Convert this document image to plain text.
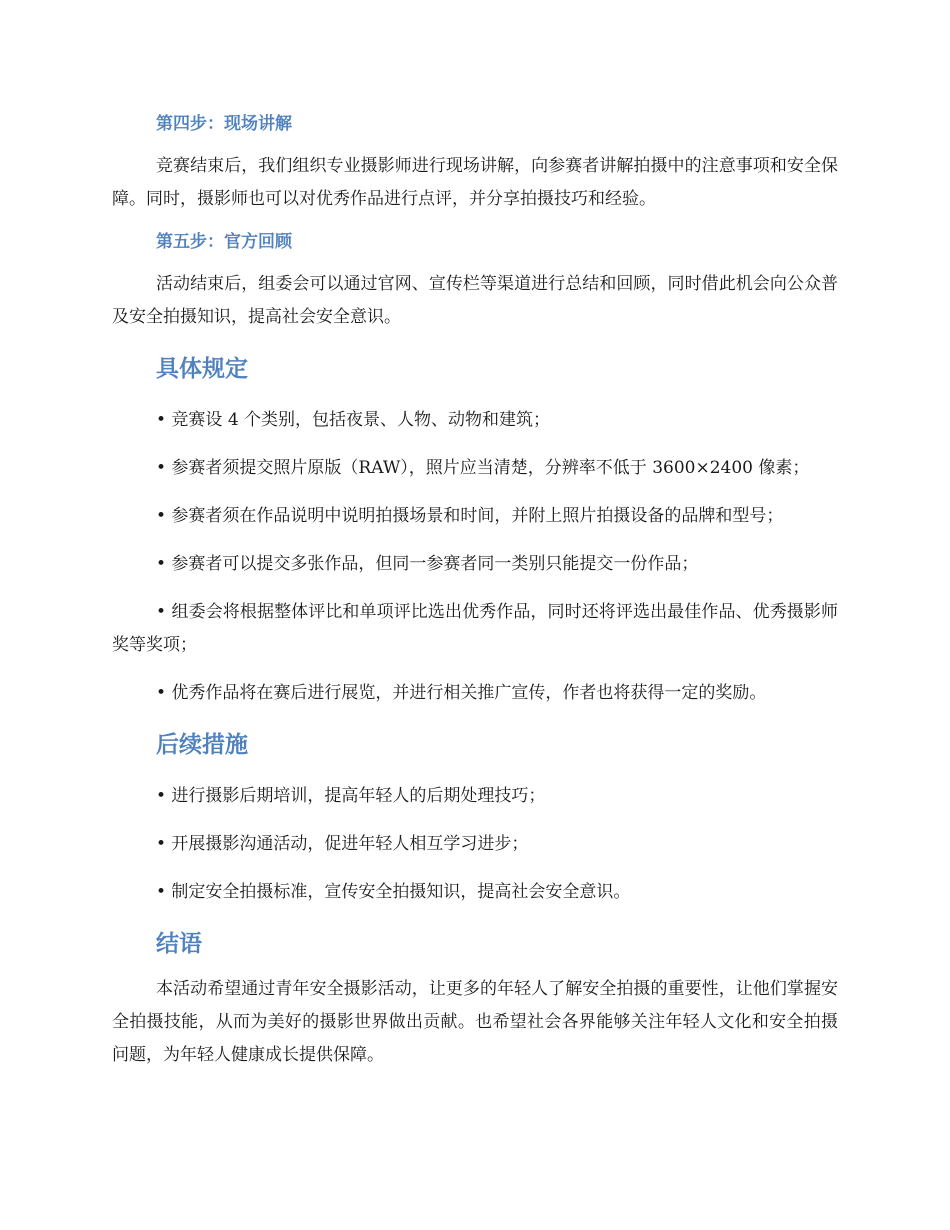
第四步：现场讲解

竞赛结束后，我们组织专业摄影师进行现场讲解，向参赛者讲解拍摄中的注意事项和安全保障。同时，摄影师也可以对优秀作品进行点评，并分享拍摄技巧和经验。

第五步：官方回顾

活动结束后，组委会可以通过官网、宣传栏等渠道进行总结和回顾，同时借此机会向公众普及安全拍摄知识，提高社会安全意识。

具体规定

• 竞赛设 4 个类别，包括夜景、人物、动物和建筑；

• 参赛者须提交照片原版（RAW），照片应当清楚，分辨率不低于 3600×2400 像素；

• 参赛者须在作品说明中说明拍摄场景和时间，并附上照片拍摄设备的品牌和型号；

• 参赛者可以提交多张作品，但同一参赛者同一类别只能提交一份作品；

• 组委会将根据整体评比和单项评比选出优秀作品，同时还将评选出最佳作品、优秀摄影师奖等奖项；

• 优秀作品将在赛后进行展览，并进行相关推广宣传，作者也将获得一定的奖励。

后续措施

• 进行摄影后期培训，提高年轻人的后期处理技巧；

• 开展摄影沟通活动，促进年轻人相互学习进步；

• 制定安全拍摄标准，宣传安全拍摄知识，提高社会安全意识。

结语

本活动希望通过青年安全摄影活动，让更多的年轻人了解安全拍摄的重要性，让他们掌握安全拍摄技能，从而为美好的摄影世界做出贡献。也希望社会各界能够关注年轻人文化和安全拍摄问题，为年轻人健康成长提供保障。
